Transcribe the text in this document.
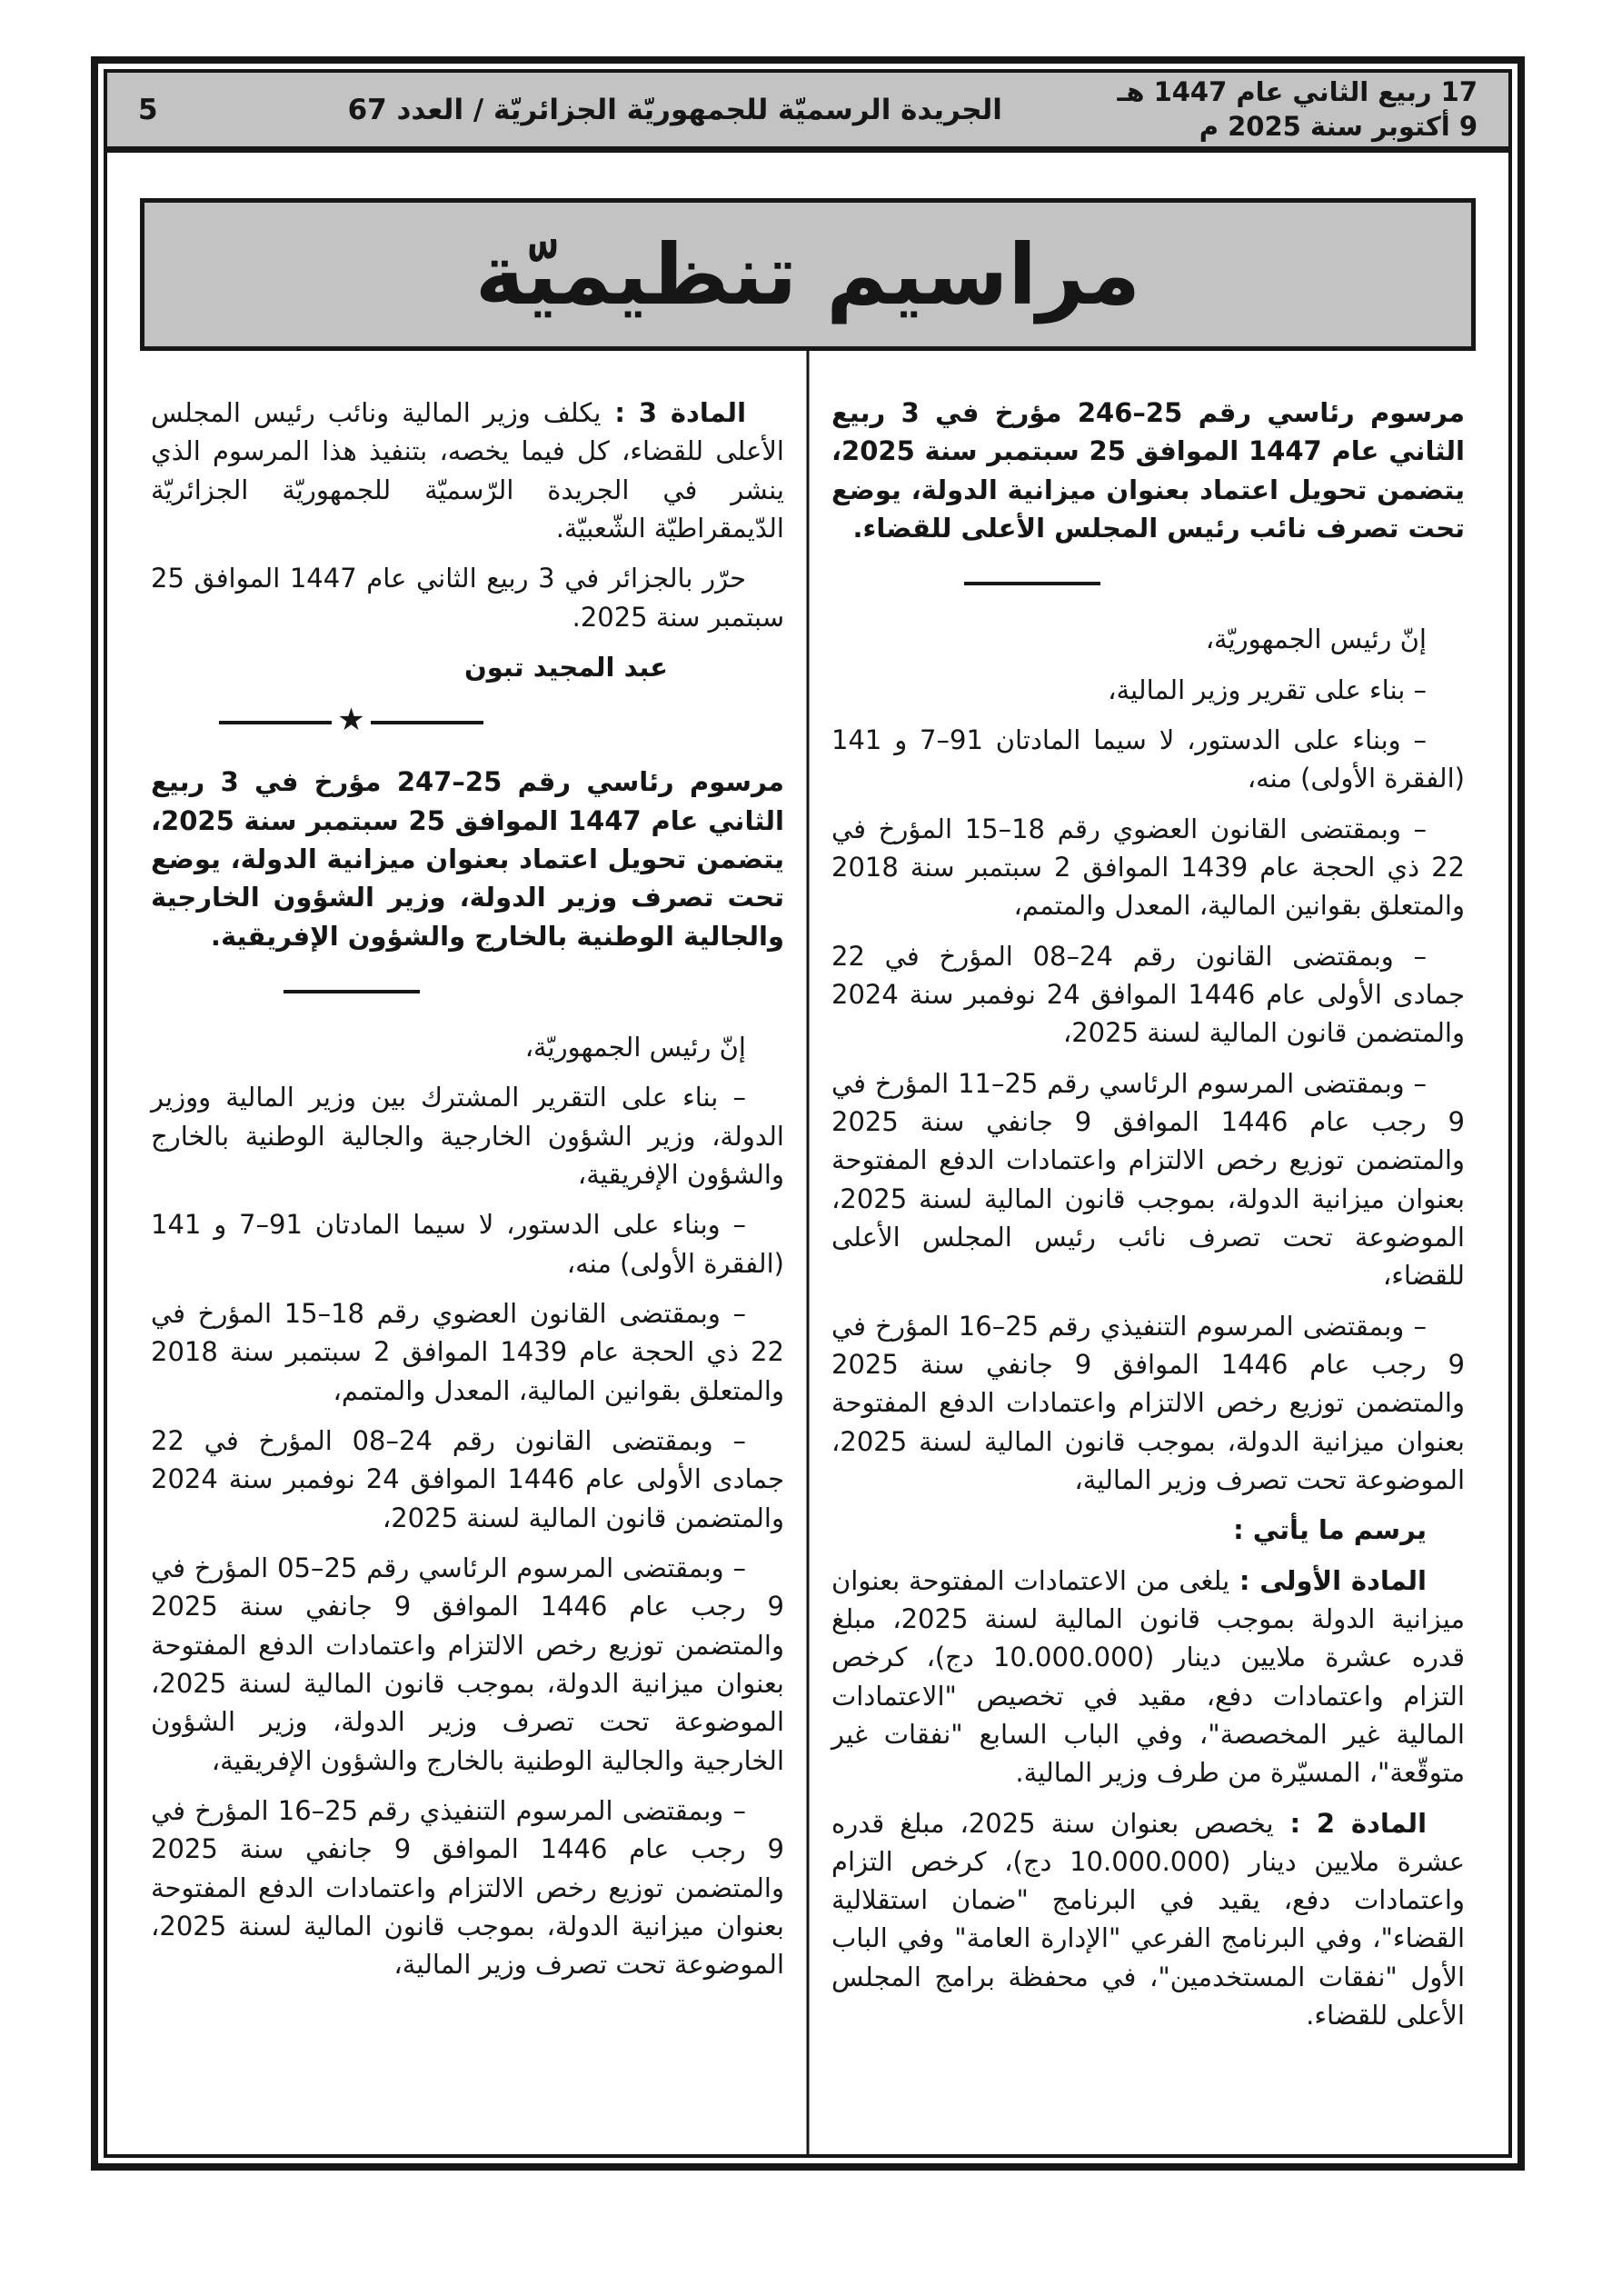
17 ربيع الثاني عام 1447 هـ
9 أكتوبر سنة 2025 م
الجريدة الرسميّة للجمهوريّة الجزائريّة / العدد 67
5
مراسيم تنظيميّة

مرسوم رئاسي رقم 25–246 مؤرخ في 3 ربيع الثاني عام 1447 الموافق 25 سبتمبر سنة 2025، يتضمن تحويل اعتماد بعنوان ميزانية الدولة، يوضع تحت تصرف نائب رئيس المجلس الأعلى للقضاء.

إنّ رئيس الجمهوريّة،

– بناء على تقرير وزير المالية،

– وبناء على الدستور، لا سيما المادتان 91–7 و 141 (الفقرة الأولى) منه،

– وبمقتضى القانون العضوي رقم 18–15 المؤرخ في 22 ذي الحجة عام 1439 الموافق 2 سبتمبر سنة 2018 والمتعلق بقوانين المالية، المعدل والمتمم،

– وبمقتضى القانون رقم 24–08 المؤرخ في 22 جمادى الأولى عام 1446 الموافق 24 نوفمبر سنة 2024 والمتضمن قانون المالية لسنة 2025،

– وبمقتضى المرسوم الرئاسي رقم 25–11 المؤرخ في 9 رجب عام 1446 الموافق 9 جانفي سنة 2025 والمتضمن توزيع رخص الالتزام واعتمادات الدفع المفتوحة بعنوان ميزانية الدولة، بموجب قانون المالية لسنة 2025، الموضوعة تحت تصرف نائب رئيس المجلس الأعلى للقضاء،

– وبمقتضى المرسوم التنفيذي رقم 25–16 المؤرخ في 9 رجب عام 1446 الموافق 9 جانفي سنة 2025 والمتضمن توزيع رخص الالتزام واعتمادات الدفع المفتوحة بعنوان ميزانية الدولة، بموجب قانون المالية لسنة 2025، الموضوعة تحت تصرف وزير المالية،

يرسم ما يأتي :

المادة الأولى : يلغى من الاعتمادات المفتوحة بعنوان ميزانية الدولة بموجب قانون المالية لسنة 2025، مبلغ قدره عشرة ملايين دينار (10.000.000 دج)، كرخص التزام واعتمادات دفع، مقيد في تخصيص "الاعتمادات المالية غير المخصصة"، وفي الباب السابع "نفقات غير متوقّعة"، المسيّرة من طرف وزير المالية.

المادة 2 : يخصص بعنوان سنة 2025، مبلغ قدره عشرة ملايين دينار (10.000.000 دج)، كرخص التزام واعتمادات دفع، يقيد في البرنامج "ضمان استقلالية القضاء"، وفي البرنامج الفرعي "الإدارة العامة" وفي الباب الأول "نفقات المستخدمين"، في محفظة برامج المجلس الأعلى للقضاء.

المادة 3 : يكلف وزير المالية ونائب رئيس المجلس الأعلى للقضاء، كل فيما يخصه، بتنفيذ هذا المرسوم الذي ينشر في الجريدة الرّسميّة للجمهوريّة الجزائريّة الدّيمقراطيّة الشّعبيّة.

حرّر بالجزائر في 3 ربيع الثاني عام 1447 الموافق 25 سبتمبر سنة 2025.

عبد المجيد تبون

★

مرسوم رئاسي رقم 25–247 مؤرخ في 3 ربيع الثاني عام 1447 الموافق 25 سبتمبر سنة 2025، يتضمن تحويل اعتماد بعنوان ميزانية الدولة، يوضع تحت تصرف وزير الدولة، وزير الشؤون الخارجية والجالية الوطنية بالخارج والشؤون الإفريقية.

إنّ رئيس الجمهوريّة،

– بناء على التقرير المشترك بين وزير المالية ووزير الدولة، وزير الشؤون الخارجية والجالية الوطنية بالخارج والشؤون الإفريقية،

– وبناء على الدستور، لا سيما المادتان 91–7 و 141 (الفقرة الأولى) منه،

– وبمقتضى القانون العضوي رقم 18–15 المؤرخ في 22 ذي الحجة عام 1439 الموافق 2 سبتمبر سنة 2018 والمتعلق بقوانين المالية، المعدل والمتمم،

– وبمقتضى القانون رقم 24–08 المؤرخ في 22 جمادى الأولى عام 1446 الموافق 24 نوفمبر سنة 2024 والمتضمن قانون المالية لسنة 2025،

– وبمقتضى المرسوم الرئاسي رقم 25–05 المؤرخ في 9 رجب عام 1446 الموافق 9 جانفي سنة 2025 والمتضمن توزيع رخص الالتزام واعتمادات الدفع المفتوحة بعنوان ميزانية الدولة، بموجب قانون المالية لسنة 2025، الموضوعة تحت تصرف وزير الدولة، وزير الشؤون الخارجية والجالية الوطنية بالخارج والشؤون الإفريقية،

– وبمقتضى المرسوم التنفيذي رقم 25–16 المؤرخ في 9 رجب عام 1446 الموافق 9 جانفي سنة 2025 والمتضمن توزيع رخص الالتزام واعتمادات الدفع المفتوحة بعنوان ميزانية الدولة، بموجب قانون المالية لسنة 2025، الموضوعة تحت تصرف وزير المالية،
